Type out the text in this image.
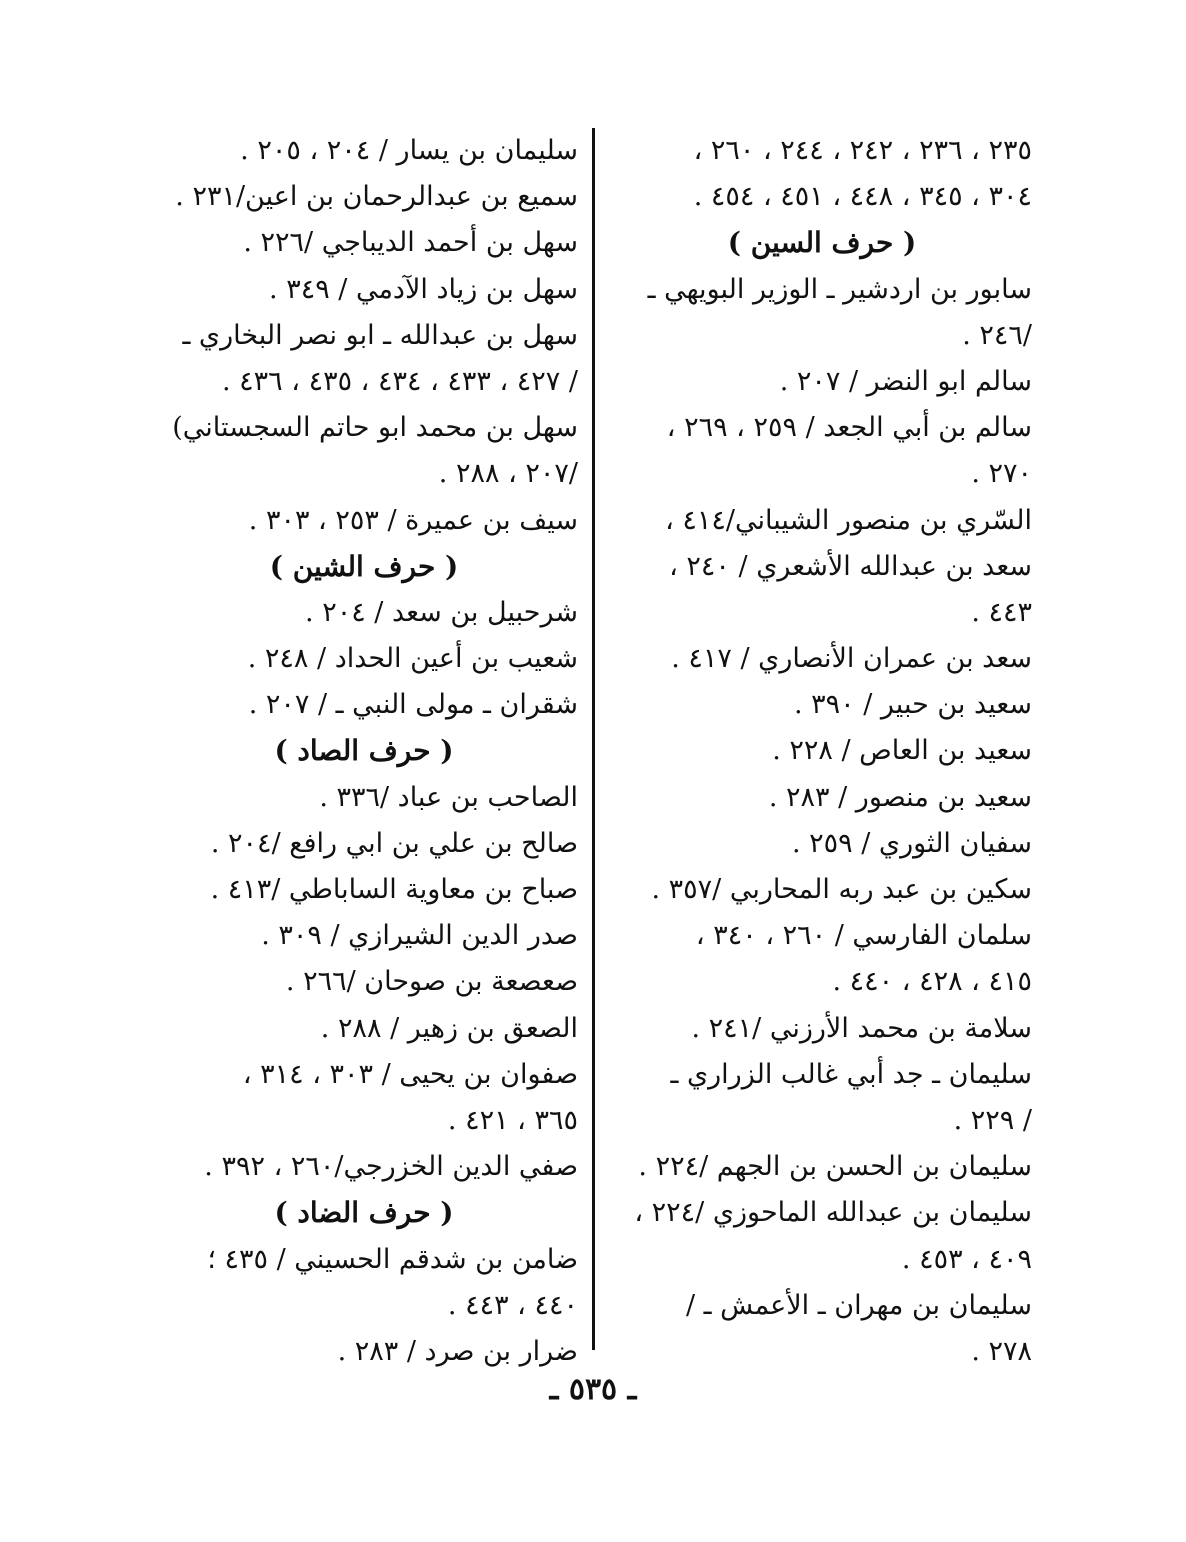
٢٣٥ ، ٢٣٦ ، ٢٤٢ ، ٢٤٤ ، ٢٦٠ ،
٣٠٤ ، ٣٤٥ ، ٤٤٨ ، ٤٥١ ، ٤٥٤ .
( حرف السين )
سابور بن اردشير ـ الوزير البويهي ـ
/٢٤٦ .
سالم ابو النضر / ٢٠٧ .
سالم بن أبي الجعد / ٢٥٩ ، ٢٦٩ ،
٢٧٠ .
السّري بن منصور الشيباني/٤١٤ ،
سعد بن عبدالله الأشعري / ٢٤٠ ،
٤٤٣ .
سعد بن عمران الأنصاري / ٤١٧ .
سعيد بن حبير / ٣٩٠ .
سعيد بن العاص / ٢٢٨ .
سعيد بن منصور / ٢٨٣ .
سفيان الثوري / ٢٥٩ .
سكين بن عبد ربه المحاربي /٣٥٧ .
سلمان الفارسي / ٢٦٠ ، ٣٤٠ ،
٤١٥ ، ٤٢٨ ، ٤٤٠ .
سلامة بن محمد الأرزني /٢٤١ .
سليمان ـ جد أبي غالب الزراري ـ
/ ٢٢٩ .
سليمان بن الحسن بن الجهم /٢٢٤ .
سليمان بن عبدالله الماحوزي /٢٢٤ ،
٤٠٩ ، ٤٥٣ .
سليمان بن مهران ـ الأعمش ـ /
٢٧٨ .
سليمان بن يسار / ٢٠٤ ، ٢٠٥ .
سميع بن عبدالرحمان بن اعين/٢٣١ .
سهل بن أحمد الديباجي /٢٢٦ .
سهل بن زياد الآدمي / ٣٤٩ .
سهل بن عبدالله ـ ابو نصر البخاري ـ
/ ٤٢٧ ، ٤٣٣ ، ٤٣٤ ، ٤٣٥ ، ٤٣٦ .
سهل بن محمد ابو حاتم السجستاني)
/٢٠٧ ، ٢٨٨ .
سيف بن عميرة / ٢٥٣ ، ٣٠٣ .
( حرف الشين )
شرحبيل بن سعد / ٢٠٤ .
شعيب بن أعين الحداد / ٢٤٨ .
شقران ـ مولى النبي ـ / ٢٠٧ .
( حرف الصاد )
الصاحب بن عباد /٣٣٦ .
صالح بن علي بن ابي رافع /٢٠٤ .
صباح بن معاوية الساباطي /٤١٣ .
صدر الدين الشيرازي / ٣٠٩ .
صعصعة بن صوحان /٢٦٦ .
الصعق بن زهير / ٢٨٨ .
صفوان بن يحيى / ٣٠٣ ، ٣١٤ ،
٣٦٥ ، ٤٢١ .
صفي الدين الخزرجي/٢٦٠ ، ٣٩٢ .
( حرف الضاد )
ضامن بن شدقم الحسيني / ٤٣٥ ؛
٤٤٠ ، ٤٤٣ .
ضرار بن صرد / ٢٨٣ .
ـ ٥٣٥ ـ
